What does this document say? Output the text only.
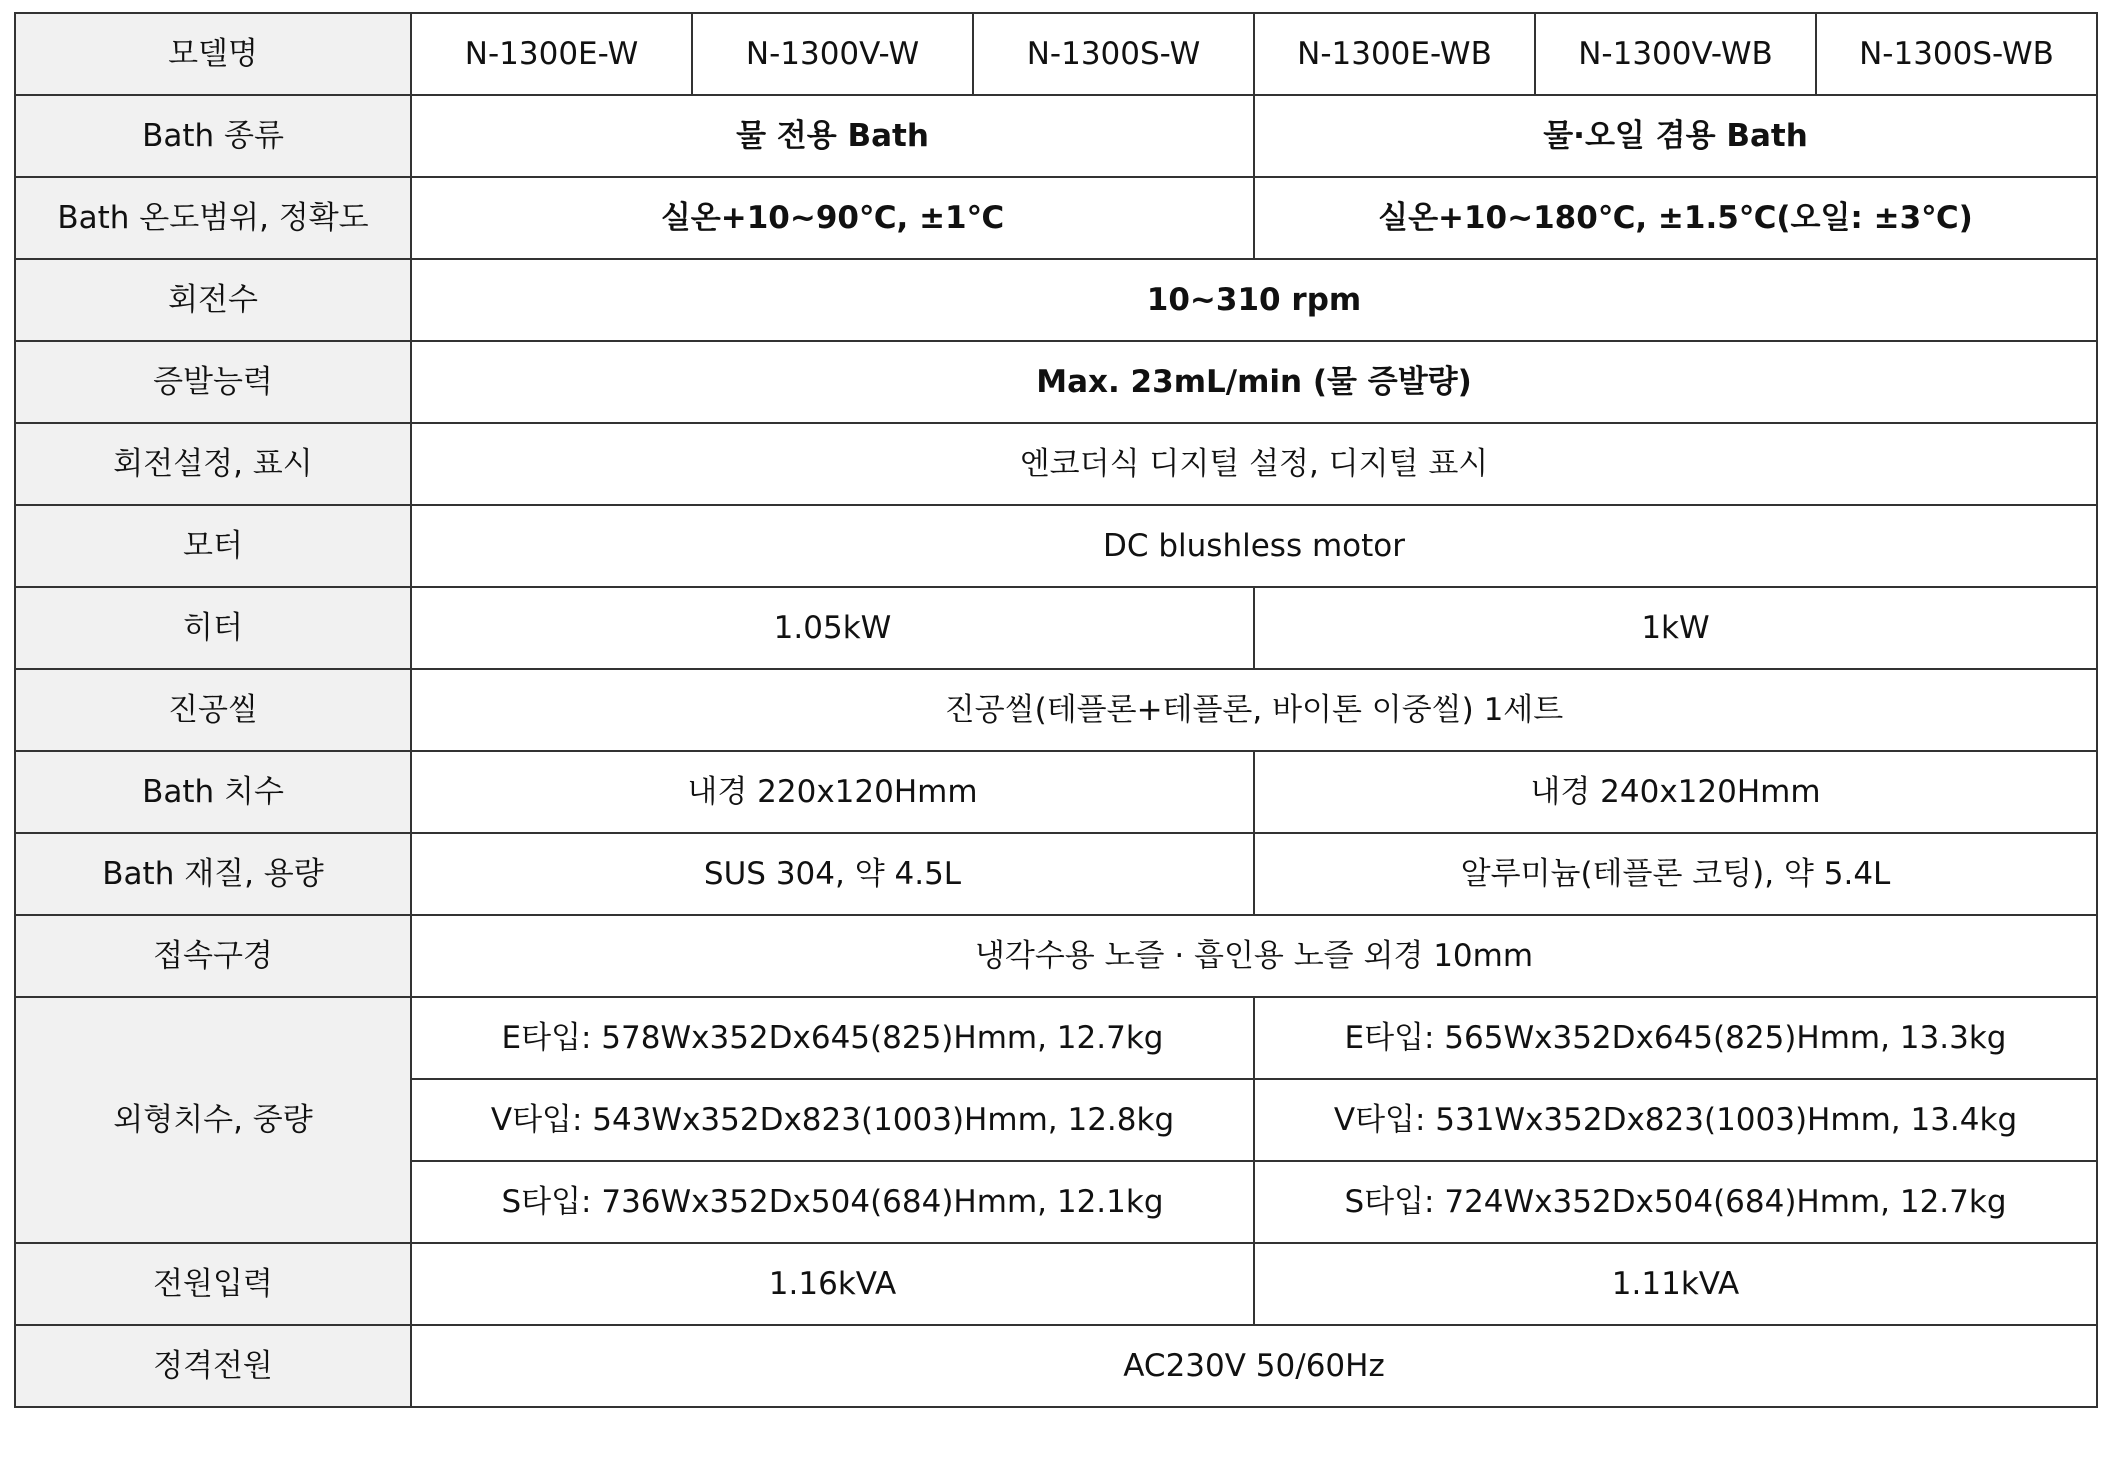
모델명	N-1300E-W	N-1300V-W	N-1300S-W	N-1300E-WB	N-1300V-WB	N-1300S-WB
Bath 종류	물 전용 Bath			물·오일 겸용 Bath		
Bath 온도범위, 정확도	실온+10~90℃, ±1℃			실온+10~180℃, ±1.5℃(오일: ±3℃)		
회전수	10~310 rpm					
증발능력	Max. 23mL/min (물 증발량)					
회전설정, 표시	엔코더식 디지털 설정, 디지털 표시					
모터	DC blushless motor					
히터	1.05kW			1kW		
진공씰	진공씰(테플론+테플론, 바이톤 이중씰) 1세트					
Bath 치수	내경 220x120Hmm			내경 240x120Hmm		
Bath 재질, 용량	SUS 304, 약 4.5L			알루미늄(테플론 코팅), 약 5.4L		
접속구경	냉각수용 노즐 · 흡인용 노즐 외경 10mm					
외형치수, 중량	E타입: 578Wx352Dx645(825)Hmm, 12.7kg			E타입: 565Wx352Dx645(825)Hmm, 13.3kg		
	V타입: 543Wx352Dx823(1003)Hmm, 12.8kg			V타입: 531Wx352Dx823(1003)Hmm, 13.4kg		
	S타입: 736Wx352Dx504(684)Hmm, 12.1kg			S타입: 724Wx352Dx504(684)Hmm, 12.7kg		
전원입력	1.16kVA			1.11kVA		
정격전원	AC230V 50/60Hz					
